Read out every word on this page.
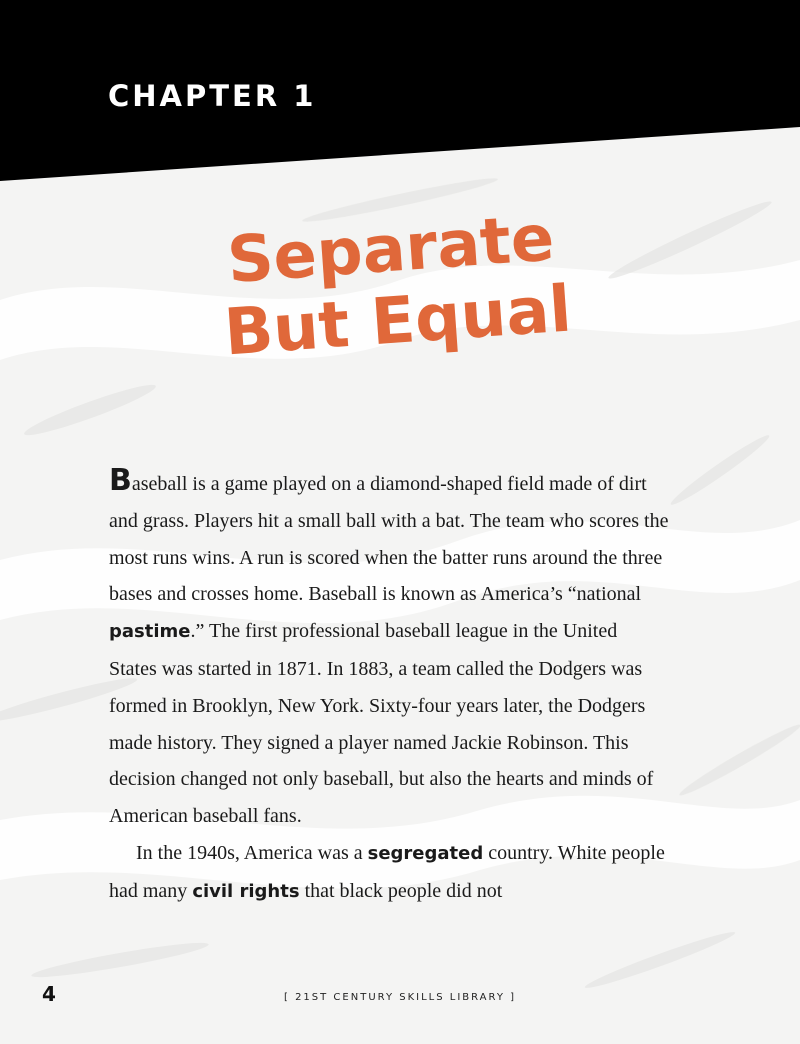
CHAPTER 1
Separate
But Equal

Baseball is a game played on a diamond-shaped field made of dirt and grass. Players hit a small ball with a bat. The team who scores the most runs wins. A run is scored when the batter runs around the three bases and crosses home. Baseball is known as America’s “national pastime.” The first professional baseball league in the United States was started in 1871. In 1883, a team called the Dodgers was formed in Brooklyn, New York. Sixty-four years later, the Dodgers made history. They signed a player named Jackie Robinson. This decision changed not only baseball, but also the hearts and minds of American baseball fans.

In the 1940s, America was a segregated country. White people had many civil rights that black people did not

4	[ 21ST CENTURY SKILLS LIBRARY ]
